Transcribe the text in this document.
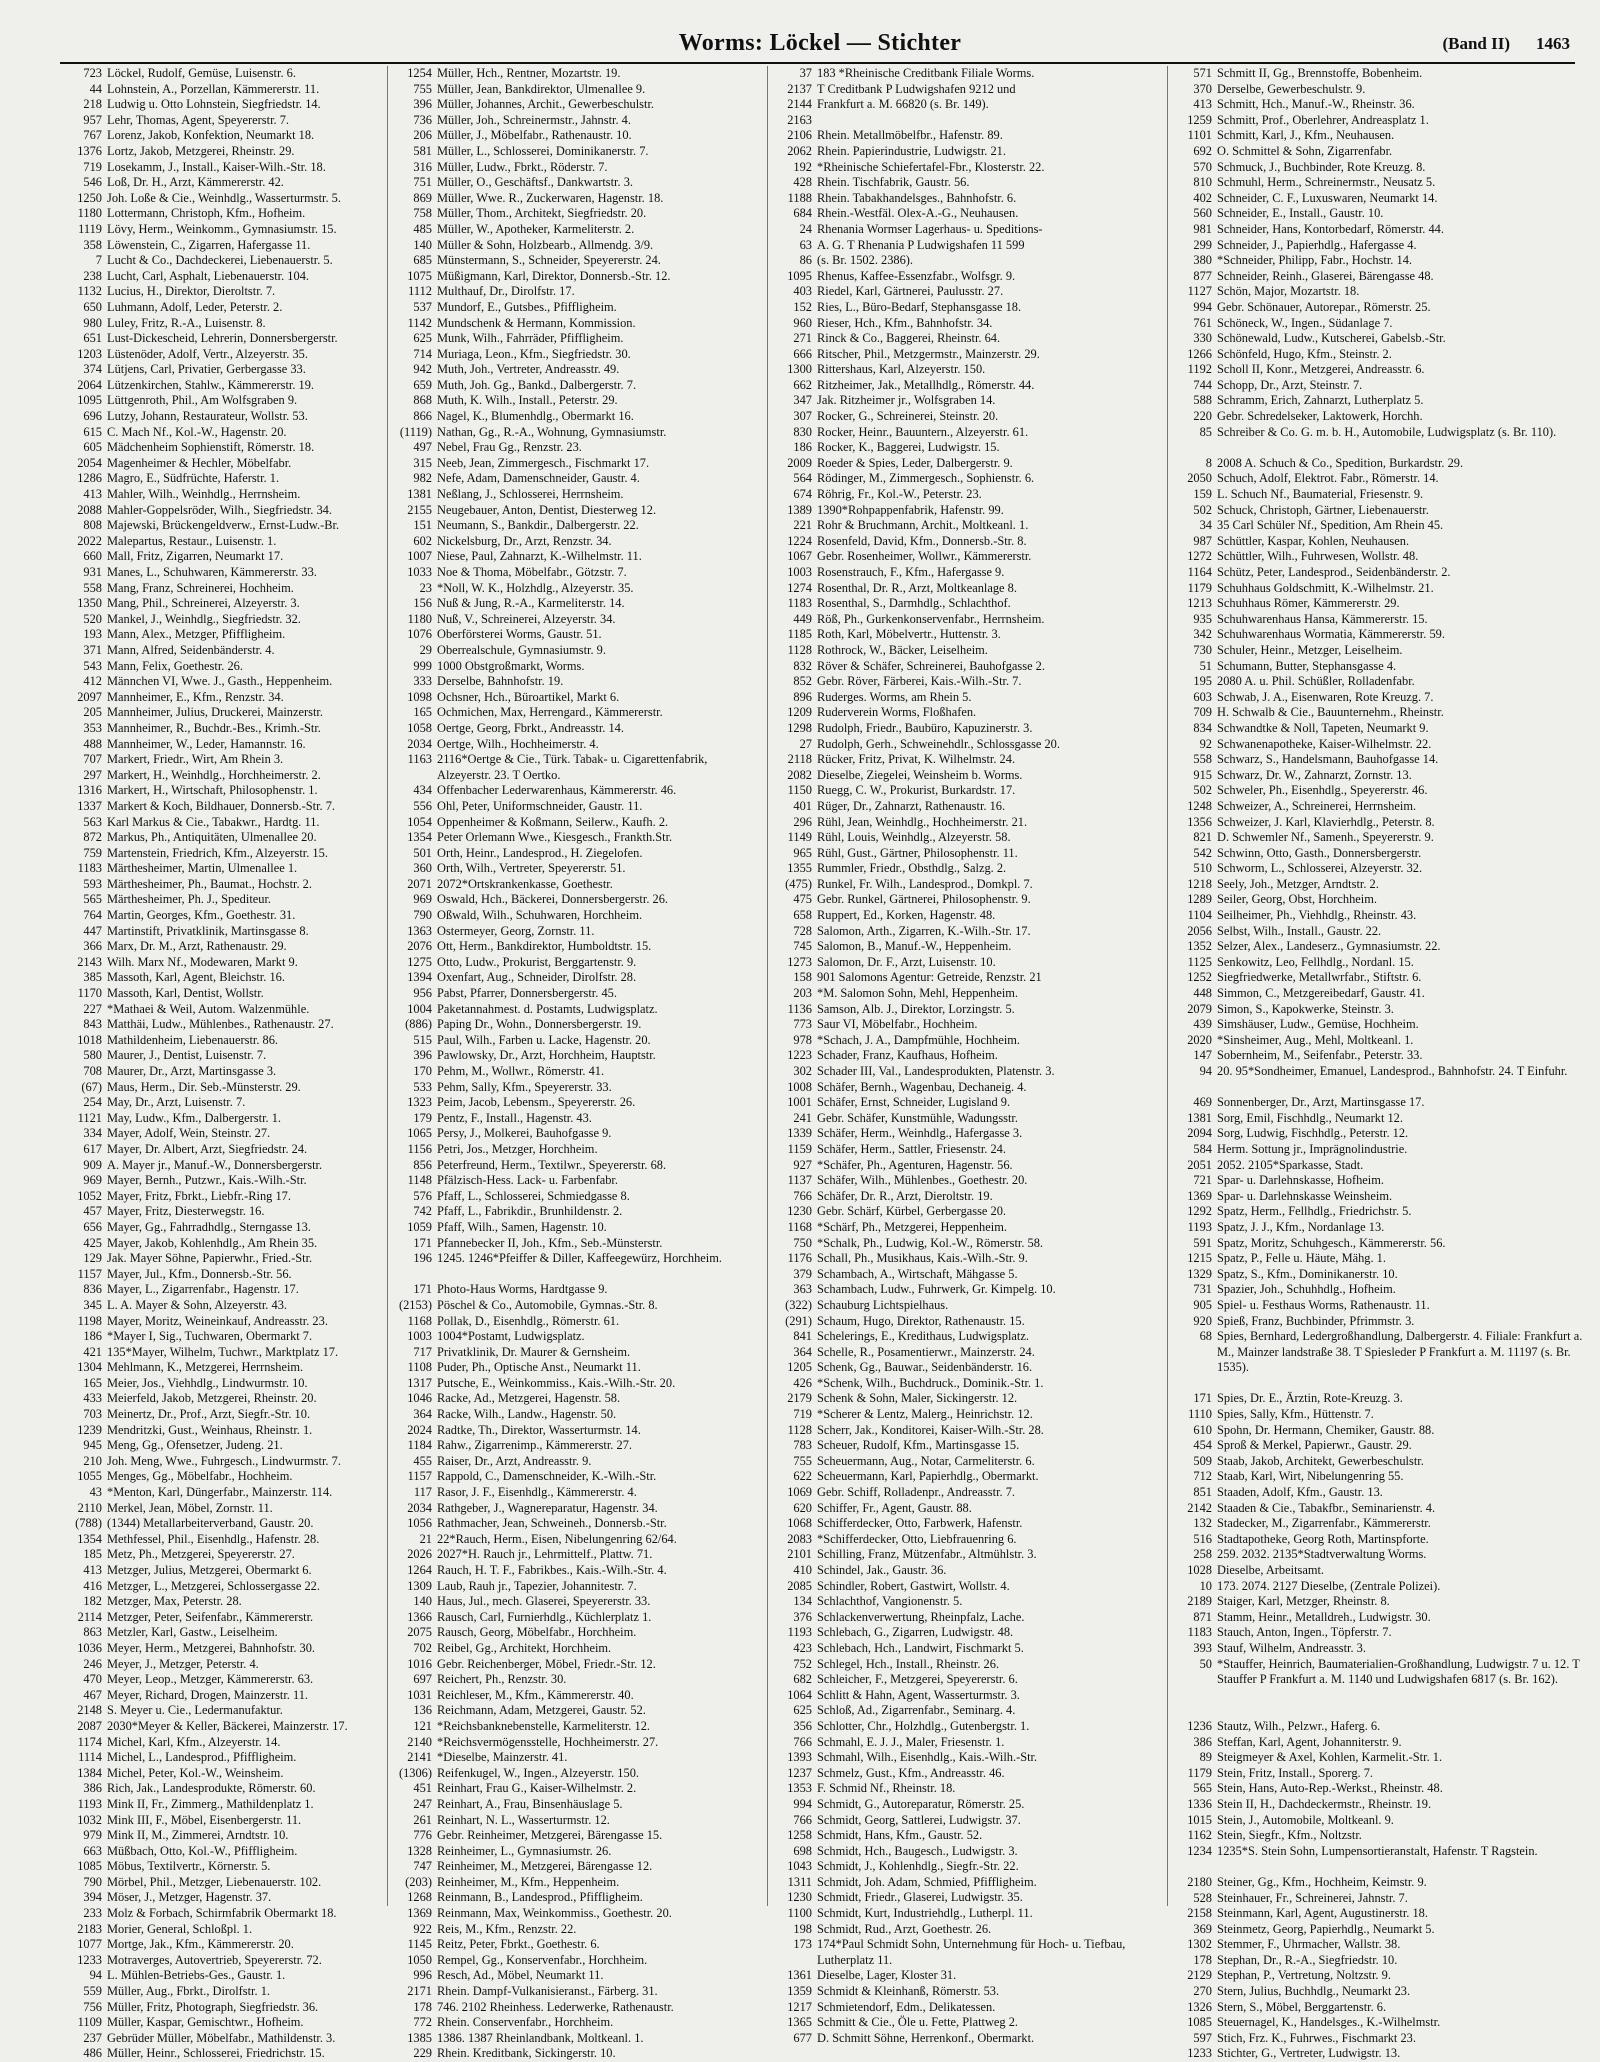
Worms: Löckel — Stichter	(Band II) 1463
723 Löckel, Rudolf, Gemüse, Luisenstr. 6.
44 Lohnstein, A., Porzellan, Kämmererstr. 11.
218 Ludwig u. Otto Lohnstein, Siegfriedstr. 14.
957 Lehr, Thomas, Agent, Speyererstr. 7.
767 Lorenz, Jakob, Konfektion, Neumarkt 18.
1376 Lortz, Jakob, Metzgerei, Rheinstr. 29.
719 Losekamm, J., Install., Kaiser-Wilh.-Str. 18.
546 Loß, Dr. H., Arzt, Kämmererstr. 42.
1250 Joh. Loße & Cie., Weinhdlg., Wasserturmstr. 5.
1180 Lottermann, Christoph, Kfm., Hofheim.
1119 Lövy, Herm., Weinkomm., Gymnasiumstr. 15.
358 Löwenstein, C., Zigarren, Hafergasse 11.
7 Lucht & Co., Dachdeckerei, Liebenauerstr. 5.
238 Lucht, Carl, Asphalt, Liebenauerstr. 104.
1132 Lucius, H., Direktor, Dieroltstr. 7.
650 Luhmann, Adolf, Leder, Peterstr. 2.
980 Luley, Fritz, R.-A., Luisenstr. 8.
651 Lust-Dickescheid, Lehrerin, Donnersbergerstr.
1203 Lüstenöder, Adolf, Vertr., Alzeyerstr. 35.
374 Lütjens, Carl, Privatier, Gerbergasse 33.
2064 Lützenkirchen, Stahlw., Kämmererstr. 19.
1095 Lüttgenroth, Phil., Am Wolfsgraben 9.
696 Lutzy, Johann, Restaurateur, Wollstr. 53.
615 C. Mach Nf., Kol.-W., Hagenstr. 20.
605 Mädchenheim Sophienstift, Römerstr. 18.
2054 Magenheimer & Hechler, Möbelfabr.
1286 Magro, E., Südfrüchte, Haferstr. 1.
413 Mahler, Wilh., Weinhdlg., Herrnsheim.
2088 Mahler-Goppelsröder, Wilh., Siegfriedstr. 34.
808 Majewski, Brückengeldverw., Ernst-Ludw.-Br.
2022 Malepartus, Restaur., Luisenstr. 1.
660 Mall, Fritz, Zigarren, Neumarkt 17.
931 Manes, L., Schuhwaren, Kämmererstr. 33.
558 Mang, Franz, Schreinerei, Hochheim.
1350 Mang, Phil., Schreinerei, Alzeyerstr. 3.
520 Mankel, J., Weinhdlg., Siegfriedstr. 32.
193 Mann, Alex., Metzger, Pfiffligheim.
371 Mann, Alfred, Seidenbänderstr. 4.
543 Mann, Felix, Goethestr. 26.
412 Männchen VI, Wwe. J., Gasth., Heppenheim.
2097 Mannheimer, E., Kfm., Renzstr. 34.
205 Mannheimer, Julius, Druckerei, Mainzerstr.
353 Mannheimer, R., Buchdr.-Bes., Krimh.-Str.
488 Mannheimer, W., Leder, Hamannstr. 16.
707 Markert, Friedr., Wirt, Am Rhein 3.
297 Markert, H., Weinhdlg., Horchheimerstr. 2.
1316 Markert, H., Wirtschaft, Philosophenstr. 1.
1337 Markert & Koch, Bildhauer, Donnersb.-Str. 7.
563 Karl Markus & Cie., Tabakwr., Hardtg. 11.
872 Markus, Ph., Antiquitäten, Ulmenallee 20.
759 Martenstein, Friedrich, Kfm., Alzeyerstr. 15.
1183 Märthesheimer, Martin, Ulmenallee 1.
593 Märthesheimer, Ph., Baumat., Hochstr. 2.
565 Märthesheimer, Ph. J., Spediteur.
764 Martin, Georges, Kfm., Goethestr. 31.
447 Martinstift, Privatklinik, Martinsgasse 8.
366 Marx, Dr. M., Arzt, Rathenaustr. 29.
2143 Wilh. Marx Nf., Modewaren, Markt 9.
385 Massoth, Karl, Agent, Bleichstr. 16.
1170 Massoth, Karl, Dentist, Wollstr.
227 *Mathaei & Weil, Autom. Walzenmühle.
843 Matthäi, Ludw., Mühlenbes., Rathenaustr. 27.
1018 Mathildenheim, Liebenauerstr. 86.
580 Maurer, J., Dentist, Luisenstr. 7.
708 Maurer, Dr., Arzt, Martinsgasse 3.
(67) Maus, Herm., Dir. Seb.-Münsterstr. 29.
254 May, Dr., Arzt, Luisenstr. 7.
1121 May, Ludw., Kfm., Dalbergerstr. 1.
334 Mayer, Adolf, Wein, Steinstr. 27.
617 Mayer, Dr. Albert, Arzt, Siegfriedstr. 24.
909 A. Mayer jr., Manuf.-W., Donnersbergerstr.
969 Mayer, Bernh., Putzwr., Kais.-Wilh.-Str.
1052 Mayer, Fritz, Fbrkt., Liebfr.-Ring 17.
457 Mayer, Fritz, Diesterwegstr. 16.
656 Mayer, Gg., Fahrradhdlg., Sterngasse 13.
425 Mayer, Jakob, Kohlenhdlg., Am Rhein 35.
129 Jak. Mayer Söhne, Papierwhr., Fried.-Str.
1157 Mayer, Jul., Kfm., Donnersb.-Str. 56.
836 Mayer, L., Zigarrenfabr., Hagenstr. 17.
345 L. A. Mayer & Sohn, Alzeyerstr. 43.
1198 Mayer, Moritz, Weineinkauf, Andreasstr. 23.
186 *Mayer I, Sig., Tuchwaren, Obermarkt 7.
421 135*Mayer, Wilhelm, Tuchwr., Marktplatz 17.
1304 Mehlmann, K., Metzgerei, Herrnsheim.
165 Meier, Jos., Viehhdlg., Lindwurmstr. 10.
433 Meierfeld, Jakob, Metzgerei, Rheinstr. 20.
703 Meinertz, Dr., Prof., Arzt, Siegfr.-Str. 10.
1239 Mendritzki, Gust., Weinhaus, Rheinstr. 1.
945 Meng, Gg., Ofensetzer, Judeng. 21.
210 Joh. Meng, Wwe., Fuhrgesch., Lindwurmstr. 7.
1055 Menges, Gg., Möbelfabr., Hochheim.
43 *Menton, Karl, Düngerfabr., Mainzerstr. 114.
2110 Merkel, Jean, Möbel, Zornstr. 11.
(788) (1344) Metallarbeiterverband, Gaustr. 20.
1354 Methfessel, Phil., Eisenhdlg., Hafenstr. 28.
185 Metz, Ph., Metzgerei, Speyererstr. 27.
413 Metzger, Julius, Metzgerei, Obermarkt 6.
416 Metzger, L., Metzgerei, Schlossergasse 22.
182 Metzger, Max, Peterstr. 28.
2114 Metzger, Peter, Seifenfabr., Kämmererstr.
863 Metzler, Karl, Gastw., Leiselheim.
1036 Meyer, Herm., Metzgerei, Bahnhofstr. 30.
246 Meyer, J., Metzger, Peterstr. 4.
470 Meyer, Leop., Metzger, Kämmererstr. 63.
467 Meyer, Richard, Drogen, Mainzerstr. 11.
2148 S. Meyer u. Cie., Ledermanufaktur.
2087 2030*Meyer & Keller, Bäckerei, Mainzerstr. 17.
1174 Michel, Karl, Kfm., Alzeyerstr. 14.
1114 Michel, L., Landesprod., Pfiffligheim.
1384 Michel, Peter, Kol.-W., Weinsheim.
386 Rich, Jak., Landesprodukte, Römerstr. 60.
1193 Mink II, Fr., Zimmerg., Mathildenplatz 1.
1032 Mink III, F., Möbel, Eisenbergerstr. 11.
979 Mink II, M., Zimmerei, Arndtstr. 10.
663 Müßbach, Otto, Kol.-W., Pfiffligheim.
1085 Möbus, Textilvertr., Körnerstr. 5.
790 Mörbel, Phil., Metzger, Liebenauerstr. 102.
394 Möser, J., Metzger, Hagenstr. 37.
233 Molz & Forbach, Schirmfabrik Obermarkt 18.
2183 Morier, General, Schloßpl. 1.
1077 Mortge, Jak., Kfm., Kämmererstr. 20.
1233 Motraverges, Autovertrieb, Speyererstr. 72.
94 L. Mühlen-Betriebs-Ges., Gaustr. 1.
559 Müller, Aug., Fbrkt., Dirolfstr. 1.
756 Müller, Fritz, Photograph, Siegfriedstr. 36.
1109 Müller, Kaspar, Gemischtwr., Hofheim.
237 Gebrüder Müller, Möbelfabr., Mathildenstr. 3.
486 Müller, Heinr., Schlosserei, Friedrichstr. 15.
1254 Müller, Hch., Rentner, Mozartstr. 19.
755 Müller, Jean, Bankdirektor, Ulmenallee 9.
396 Müller, Johannes, Archit., Gewerbeschulstr.
736 Müller, Joh., Schreinermstr., Jahnstr. 4.
206 Müller, J., Möbelfabr., Rathenaustr. 10.
581 Müller, L., Schlosserei, Dominikanerstr. 7.
316 Müller, Ludw., Fbrkt., Röderstr. 7.
751 Müller, O., Geschäftsf., Dankwartstr. 3.
869 Müller, Wwe. R., Zuckerwaren, Hagenstr. 18.
758 Müller, Thom., Architekt, Siegfriedstr. 20.
485 Müller, W., Apotheker, Karmeliterstr. 2.
140 Müller & Sohn, Holzbearb., Allmendg. 3/9.
685 Münstermann, S., Schneider, Speyererstr. 24.
1075 Müßigmann, Karl, Direktor, Donnersb.-Str. 12.
1112 Multhauf, Dr., Dirolfstr. 17.
537 Mundorf, E., Gutsbes., Pfiffligheim.
1142 Mundschenk & Hermann, Kommission.
625 Munk, Wilh., Fahrräder, Pfiffligheim.
714 Muriaga, Leon., Kfm., Siegfriedstr. 30.
942 Muth, Joh., Vertreter, Andreasstr. 49.
659 Muth, Joh. Gg., Bankd., Dalbergerstr. 7.
868 Muth, K. Wilh., Install., Peterstr. 29.
866 Nagel, K., Blumenhdlg., Obermarkt 16.
(1119) Nathan, Gg., R.-A., Wohnung, Gymnasiumstr.
497 Nebel, Frau Gg., Renzstr. 23.
315 Neeb, Jean, Zimmergesch., Fischmarkt 17.
982 Nefe, Adam, Damenschneider, Gaustr. 4.
1381 Neßlang, J., Schlosserei, Herrnsheim.
2155 Neugebauer, Anton, Dentist, Diesterweg 12.
151 Neumann, S., Bankdir., Dalbergerstr. 22.
602 Nickelsburg, Dr., Arzt, Renzstr. 34.
1007 Niese, Paul, Zahnarzt, K.-Wilhelmstr. 11.
1033 Noe & Thoma, Möbelfabr., Götzstr. 7.
23 *Noll, W. K., Holzhdlg., Alzeyerstr. 35.
156 Nuß & Jung, R.-A., Karmeliterstr. 14.
1180 Nuß, V., Schreinerei, Alzeyerstr. 34.
1076 Oberförsterei Worms, Gaustr. 51.
29 Oberrealschule, Gymnasiumstr. 9.
999 1000 Obstgroßmarkt, Worms.
333 Derselbe, Bahnhofstr. 19.
1098 Ochsner, Hch., Büroartikel, Markt 6.
165 Ochmichen, Max, Herrengard., Kämmererstr.
1058 Oertge, Georg, Fbrkt., Andreasstr. 14.
2034 Oertge, Wilh., Hochheimerstr. 4.
1163 2116*Oertge & Cie., Türk. Tabak- u. Cigarettenfabrik, Alzeyerstr. 23. T Oertko.
434 Offenbacher Lederwarenhaus, Kämmererstr. 46.
556 Ohl, Peter, Uniformschneider, Gaustr. 11.
1054 Oppenheimer & Koßmann, Seilerw., Kaufh. 2.
1354 Peter Orlemann Wwe., Kiesgesch., Frankth.Str.
501 Orth, Heinr., Landesprod., H. Ziegelofen.
360 Orth, Wilh., Vertreter, Speyererstr. 51.
2071 2072*Ortskrankenkasse, Goethestr.
969 Oswald, Hch., Bäckerei, Donnersbergerstr. 26.
790 Oßwald, Wilh., Schuhwaren, Horchheim.
1363 Ostermeyer, Georg, Zornstr. 11.
2076 Ott, Herm., Bankdirektor, Humboldtstr. 15.
1275 Otto, Ludw., Prokurist, Berggartenstr. 9.
1394 Oxenfart, Aug., Schneider, Dirolfstr. 28.
956 Pabst, Pfarrer, Donnersbergerstr. 45.
1004 Paketannahmest. d. Postamts, Ludwigsplatz.
(886) Paping Dr., Wohn., Donnersbergerstr. 19.
515 Paul, Wilh., Farben u. Lacke, Hagenstr. 20.
396 Pawlowsky, Dr., Arzt, Horchheim, Hauptstr.
170 Pehm, M., Wollwr., Römerstr. 41.
533 Pehm, Sally, Kfm., Speyererstr. 33.
1323 Peim, Jacob, Lebensm., Speyererstr. 26.
179 Pentz, F., Install., Hagenstr. 43.
1065 Persy, J., Molkerei, Bauhofgasse 9.
1156 Petri, Jos., Metzger, Horchheim.
856 Peterfreund, Herm., Textilwr., Speyererstr. 68.
1148 Pfälzisch-Hess. Lack- u. Farbenfabr.
576 Pfaff, L., Schlosserei, Schmiedgasse 8.
742 Pfaff, L., Fabrikdir., Brunhildenstr. 2.
1059 Pfaff, Wilh., Samen, Hagenstr. 10.
171 Pfannebecker II, Joh., Kfm., Seb.-Münsterstr.
196 1245. 1246*Pfeiffer & Diller, Kaffeegewürz, Horchheim.
171 Photo-Haus Worms, Hardtgasse 9.
(2153) Pöschel & Co., Automobile, Gymnas.-Str. 8.
1168 Pollak, D., Eisenhdlg., Römerstr. 61.
1003 1004*Postamt, Ludwigsplatz.
717 Privatklinik, Dr. Maurer & Gernsheim.
1108 Puder, Ph., Optische Anst., Neumarkt 11.
1317 Putsche, E., Weinkommiss., Kais.-Wilh.-Str. 20.
1046 Racke, Ad., Metzgerei, Hagenstr. 58.
364 Racke, Wilh., Landw., Hagenstr. 50.
2024 Radtke, Th., Direktor, Wasserturmstr. 14.
1184 Rahw., Zigarrenimp., Kämmererstr. 27.
455 Raiser, Dr., Arzt, Andreasstr. 9.
1157 Rappold, C., Damenschneider, K.-Wilh.-Str.
117 Rasor, J. F., Eisenhdlg., Kämmererstr. 4.
2034 Rathgeber, J., Wagnereparatur, Hagenstr. 34.
1056 Rathmacher, Jean, Schweineh., Donnersb.-Str.
21 22*Rauch, Herm., Eisen, Nibelungenring 62/64.
2026 2027*H. Rauch jr., Lehrmittelf., Plattw. 71.
1264 Rauch, H. T. F., Fabrikbes., Kais.-Wilh.-Str. 4.
1309 Laub, Rauh jr., Tapezier, Johannitestr. 7.
140 Haus, Jul., mech. Glaserei, Speyererstr. 33.
1366 Rausch, Carl, Furnierhdlg., Küchlerplatz 1.
2075 Rausch, Georg, Möbelfabr., Horchheim.
702 Reibel, Gg., Architekt, Horchheim.
1016 Gebr. Reichenberger, Möbel, Friedr.-Str. 12.
697 Reichert, Ph., Renzstr. 30.
1031 Reichleser, M., Kfm., Kämmererstr. 40.
136 Reichmann, Adam, Metzgerei, Gaustr. 52.
121 *Reichsbanknebenstelle, Karmeliterstr. 12.
2140 *Reichsvermögensstelle, Hochheimerstr. 27.
2141 *Dieselbe, Mainzerstr. 41.
(1306) Reifenkugel, W., Ingen., Alzeyerstr. 150.
451 Reinhart, Frau G., Kaiser-Wilhelmstr. 2.
247 Reinhart, A., Frau, Binsenhäuslage 5.
261 Reinhart, N. L., Wasserturmstr. 12.
776 Gebr. Reinheimer, Metzgerei, Bärengasse 15.
1328 Reinheimer, L., Gymnasiumstr. 26.
747 Reinheimer, M., Metzgerei, Bärengasse 12.
(203) Reinheimer, M., Kfm., Heppenheim.
1268 Reinmann, B., Landesprod., Pfiffligheim.
1369 Reinmann, Max, Weinkommiss., Goethestr. 20.
922 Reis, M., Kfm., Renzstr. 22.
1145 Reitz, Peter, Fbrkt., Goethestr. 6.
1050 Rempel, Gg., Konservenfabr., Horchheim.
996 Resch, Ad., Möbel, Neumarkt 11.
2171 Rhein. Dampf-Vulkanisieranst., Färberg. 31.
178 746. 2102 Rheinhess. Lederwerke, Rathenaustr.
772 Rhein. Conservenfabr., Horchheim.
1385 1386. 1387 Rheinlandbank, Moltkeanl. 1.
229 Rhein. Kreditbank, Sickingerstr. 10.
37 183 *Rheinische Creditbank Filiale Worms.
2137 T Creditbank P Ludwigshafen 9212 und
2144 Frankfurt a. M. 66820 (s. Br. 149).
2163
2106 Rhein. Metallmöbelfbr., Hafenstr. 89.
2062 Rhein. Papierindustrie, Ludwigstr. 21.
192 *Rheinische Schiefertafel-Fbr., Klosterstr. 22.
428 Rhein. Tischfabrik, Gaustr. 56.
1188 Rhein. Tabakhandelsges., Bahnhofstr. 6.
684 Rhein.-Westfäl. Olex-A.-G., Neuhausen.
24 Rhenania Wormser Lagerhaus- u. Speditions-
63 A. G. T Rhenania P Ludwigshafen 11 599
86 (s. Br. 1502. 2386).
1095 Rhenus, Kaffee-Essenzfabr., Wolfsgr. 9.
403 Riedel, Karl, Gärtnerei, Paulusstr. 27.
152 Ries, L., Büro-Bedarf, Stephansgasse 18.
960 Rieser, Hch., Kfm., Bahnhofstr. 34.
271 Rinck & Co., Baggerei, Rheinstr. 64.
666 Ritscher, Phil., Metzgermstr., Mainzerstr. 29.
1300 Rittershaus, Karl, Alzeyerstr. 150.
662 Ritzheimer, Jak., Metallhdlg., Römerstr. 44.
347 Jak. Ritzheimer jr., Wolfsgraben 14.
307 Rocker, G., Schreinerei, Steinstr. 20.
830 Rocker, Heinr., Bauuntern., Alzeyerstr. 61.
186 Rocker, K., Baggerei, Ludwigstr. 15.
2009 Roeder & Spies, Leder, Dalbergerstr. 9.
564 Rödinger, M., Zimmergesch., Sophienstr. 6.
674 Röhrig, Fr., Kol.-W., Peterstr. 23.
1389 1390*Rohpappenfabrik, Hafenstr. 99.
221 Rohr & Bruchmann, Archit., Moltkeanl. 1.
1224 Rosenfeld, David, Kfm., Donnersb.-Str. 8.
1067 Gebr. Rosenheimer, Wollwr., Kämmererstr.
1003 Rosenstrauch, F., Kfm., Hafergasse 9.
1274 Rosenthal, Dr. R., Arzt, Moltkeanlage 8.
1183 Rosenthal, S., Darmhdlg., Schlachthof.
449 Röß, Ph., Gurkenkonservenfabr., Herrnsheim.
1185 Roth, Karl, Möbelvertr., Huttenstr. 3.
1128 Rothrock, W., Bäcker, Leiselheim.
832 Röver & Schäfer, Schreinerei, Bauhofgasse 2.
852 Gebr. Röver, Färberei, Kais.-Wilh.-Str. 7.
896 Ruderges. Worms, am Rhein 5.
1209 Ruderverein Worms, Floßhafen.
1298 Rudolph, Friedr., Baubüro, Kapuzinerstr. 3.
27 Rudolph, Gerh., Schweinehdlr., Schlossgasse 20.
2118 Rücker, Fritz, Privat, K. Wilhelmstr. 24.
2082 Dieselbe, Ziegelei, Weinsheim b. Worms.
1150 Ruegg, C. W., Prokurist, Burkardstr. 17.
401 Rüger, Dr., Zahnarzt, Rathenaustr. 16.
296 Rühl, Jean, Weinhdlg., Hochheimerstr. 21.
1149 Rühl, Louis, Weinhdlg., Alzeyerstr. 58.
965 Rühl, Gust., Gärtner, Philosophenstr. 11.
1355 Rummler, Friedr., Obsthdlg., Salzg. 2.
(475) Runkel, Fr. Wilh., Landesprod., Domkpl. 7.
475 Gebr. Runkel, Gärtnerei, Philosophenstr. 9.
658 Ruppert, Ed., Korken, Hagenstr. 48.
728 Salomon, Arth., Zigarren, K.-Wilh.-Str. 17.
745 Salomon, B., Manuf.-W., Heppenheim.
1273 Salomon, Dr. F., Arzt, Luisenstr. 10.
158 901 Salomons Agentur: Getreide, Renzstr. 21
203 *M. Salomon Sohn, Mehl, Heppenheim.
1136 Samson, Alb. J., Direktor, Lorzingstr. 5.
773 Saur VI, Möbelfabr., Hochheim.
978 *Schach, J. A., Dampfmühle, Hochheim.
1223 Schader, Franz, Kaufhaus, Hofheim.
302 Schader III, Val., Landesprodukten, Platenstr. 3.
1008 Schäfer, Bernh., Wagenbau, Dechaneig. 4.
1001 Schäfer, Ernst, Schneider, Lugisland 9.
241 Gebr. Schäfer, Kunstmühle, Wadungsstr.
1339 Schäfer, Herm., Weinhdlg., Hafergasse 3.
1159 Schäfer, Herm., Sattler, Friesenstr. 24.
927 *Schäfer, Ph., Agenturen, Hagenstr. 56.
1137 Schäfer, Wilh., Mühlenbes., Goethestr. 20.
766 Schäfer, Dr. R., Arzt, Dieroltstr. 19.
1230 Gebr. Schärf, Kürbel, Gerbergasse 20.
1168 *Schärf, Ph., Metzgerei, Heppenheim.
750 *Schalk, Ph., Ludwig, Kol.-W., Römerstr. 58.
1176 Schall, Ph., Musikhaus, Kais.-Wilh.-Str. 9.
379 Schambach, A., Wirtschaft, Mähgasse 5.
363 Schambach, Ludw., Fuhrwerk, Gr. Kimpelg. 10.
(322) Schauburg Lichtspielhaus.
(291) Schaum, Hugo, Direktor, Rathenaustr. 15.
841 Schelerings, E., Kredithaus, Ludwigsplatz.
364 Schelle, R., Posamentierwr., Mainzerstr. 24.
1205 Schenk, Gg., Bauwar., Seidenbänderstr. 16.
426 *Schenk, Wilh., Buchdruck., Dominik.-Str. 1.
2179 Schenk & Sohn, Maler, Sickingerstr. 12.
719 *Scherer & Lentz, Malerg., Heinrichstr. 12.
1128 Scherr, Jak., Konditorei, Kaiser-Wilh.-Str. 28.
783 Scheuer, Rudolf, Kfm., Martinsgasse 15.
755 Scheuermann, Aug., Notar, Carmeliterstr. 6.
622 Scheuermann, Karl, Papierhdlg., Obermarkt.
1069 Gebr. Schiff, Rolladenpr., Andreasstr. 7.
620 Schiffer, Fr., Agent, Gaustr. 88.
1068 Schifferdecker, Otto, Farbwerk, Hafenstr.
2083 *Schifferdecker, Otto, Liebfrauenring 6.
2101 Schilling, Franz, Mützenfabr., Altmühlstr. 3.
410 Schindel, Jak., Gaustr. 36.
2085 Schindler, Robert, Gastwirt, Wollstr. 4.
134 Schlachthof, Vangionenstr. 5.
376 Schlackenverwertung, Rheinpfalz, Lache.
1193 Schlebach, G., Zigarren, Ludwigstr. 48.
423 Schlebach, Hch., Landwirt, Fischmarkt 5.
752 Schlegel, Hch., Install., Rheinstr. 26.
682 Schleicher, F., Metzgerei, Speyererstr. 6.
1064 Schlitt & Hahn, Agent, Wasserturmstr. 3.
625 Schloß, Ad., Zigarrenfabr., Seminarg. 4.
356 Schlotter, Chr., Holzhdlg., Gutenbergstr. 1.
766 Schmahl, E. J. J., Maler, Friesenstr. 1.
1393 Schmahl, Wilh., Eisenhdlg., Kais.-Wilh.-Str.
1237 Schmelz, Gust., Kfm., Andreasstr. 46.
1353 F. Schmid Nf., Rheinstr. 18.
994 Schmidt, G., Autoreparatur, Römerstr. 25.
766 Schmidt, Georg, Sattlerei, Ludwigstr. 37.
1258 Schmidt, Hans, Kfm., Gaustr. 52.
698 Schmidt, Hch., Baugesch., Ludwigstr. 3.
1043 Schmidt, J., Kohlenhdlg., Siegfr.-Str. 22.
1311 Schmidt, Joh. Adam, Schmied, Pfiffligheim.
1230 Schmidt, Friedr., Glaserei, Ludwigstr. 35.
1100 Schmidt, Kurt, Industriehdlg., Lutherpl. 11.
198 Schmidt, Rud., Arzt, Goethestr. 26.
173 174*Paul Schmidt Sohn, Unternehmung für Hoch- u. Tiefbau, Lutherplatz 11.
1361 Dieselbe, Lager, Kloster 31.
1359 Schmidt & Kleinhanß, Römerstr. 53.
1217 Schmietendorf, Edm., Delikatessen.
1365 Schmitt & Cie., Öle u. Fette, Plattweg 2.
677 D. Schmitt Söhne, Herrenkonf., Obermarkt.
571 Schmitt II, Gg., Brennstoffe, Bobenheim.
370 Derselbe, Gewerbeschulstr. 9.
413 Schmitt, Hch., Manuf.-W., Rheinstr. 36.
1259 Schmitt, Prof., Oberlehrer, Andreasplatz 1.
1101 Schmitt, Karl, J., Kfm., Neuhausen.
692 O. Schmittel & Sohn, Zigarrenfabr.
570 Schmuck, J., Buchbinder, Rote Kreuzg. 8.
810 Schmuhl, Herm., Schreinermstr., Neusatz 5.
402 Schneider, C. F., Luxuswaren, Neumarkt 14.
560 Schneider, E., Install., Gaustr. 10.
981 Schneider, Hans, Kontorbedarf, Römerstr. 44.
299 Schneider, J., Papierhdlg., Hafergasse 4.
380 *Schneider, Philipp, Fabr., Hochstr. 14.
877 Schneider, Reinh., Glaserei, Bärengasse 48.
1127 Schön, Major, Mozartstr. 18.
994 Gebr. Schönauer, Autorepar., Römerstr. 25.
761 Schöneck, W., Ingen., Südanlage 7.
330 Schönewald, Ludw., Kutscherei, Gabelsb.-Str.
1266 Schönfeld, Hugo, Kfm., Steinstr. 2.
1192 Scholl II, Konr., Metzgerei, Andreasstr. 6.
744 Schopp, Dr., Arzt, Steinstr. 7.
588 Schramm, Erich, Zahnarzt, Lutherplatz 5.
220 Gebr. Schredelseker, Laktowerk, Horchh.
85 Schreiber & Co. G. m. b. H., Automobile, Ludwigsplatz (s. Br. 110).
8 2008 A. Schuch & Co., Spedition, Burkardstr. 29.
2050 Schuch, Adolf, Elektrot. Fabr., Römerstr. 14.
159 L. Schuch Nf., Baumaterial, Friesenstr. 9.
502 Schuck, Christoph, Gärtner, Liebenauerstr.
34 35 Carl Schüler Nf., Spedition, Am Rhein 45.
987 Schüttler, Kaspar, Kohlen, Neuhausen.
1272 Schüttler, Wilh., Fuhrwesen, Wollstr. 48.
1164 Schütz, Peter, Landesprod., Seidenbänderstr. 2.
1179 Schuhhaus Goldschmitt, K.-Wilhelmstr. 21.
1213 Schuhhaus Römer, Kämmererstr. 29.
935 Schuhwarenhaus Hansa, Kämmererstr. 15.
342 Schuhwarenhaus Wormatia, Kämmererstr. 59.
730 Schuler, Heinr., Metzger, Leiselheim.
51 Schumann, Butter, Stephansgasse 4.
195 2080 A. u. Phil. Schüßler, Rolladenfabr.
603 Schwab, J. A., Eisenwaren, Rote Kreuzg. 7.
709 H. Schwalb & Cie., Bauunternehm., Rheinstr.
834 Schwandtke & Noll, Tapeten, Neumarkt 9.
92 Schwanenapotheke, Kaiser-Wilhelmstr. 22.
558 Schwarz, S., Handelsmann, Bauhofgasse 14.
915 Schwarz, Dr. W., Zahnarzt, Zornstr. 13.
502 Schweler, Ph., Eisenhdlg., Speyererstr. 46.
1248 Schweizer, A., Schreinerei, Herrnsheim.
1356 Schweizer, J. Karl, Klavierhdlg., Peterstr. 8.
821 D. Schwemler Nf., Samenh., Speyererstr. 9.
542 Schwinn, Otto, Gasth., Donnersbergerstr.
510 Schworm, L., Schlosserei, Alzeyerstr. 32.
1218 Seely, Joh., Metzger, Arndtstr. 2.
1289 Seiler, Georg, Obst, Horchheim.
1104 Seilheimer, Ph., Viehhdlg., Rheinstr. 43.
2056 Selbst, Wilh., Install., Gaustr. 22.
1352 Selzer, Alex., Landeserz., Gymnasiumstr. 22.
1125 Senkowitz, Leo, Fellhdlg., Nordanl. 15.
1252 Siegfriedwerke, Metallwrfabr., Stiftstr. 6.
448 Simmon, C., Metzgereibedarf, Gaustr. 41.
2079 Simon, S., Kapokwerke, Steinstr. 3.
439 Simshäuser, Ludw., Gemüse, Hochheim.
2020 *Sinsheimer, Aug., Mehl, Moltkeanl. 1.
147 Sobernheim, M., Seifenfabr., Peterstr. 33.
94 20. 95*Sondheimer, Emanuel, Landesprod., Bahnhofstr. 24. T Einfuhr.
469 Sonnenberger, Dr., Arzt, Martinsgasse 17.
1381 Sorg, Emil, Fischhdlg., Neumarkt 12.
2094 Sorg, Ludwig, Fischhdlg., Peterstr. 12.
584 Herm. Sottung jr., Imprägnolindustrie.
2051 2052. 2105*Sparkasse, Stadt.
721 Spar- u. Darlehnskasse, Hofheim.
1369 Spar- u. Darlehnskasse Weinsheim.
1292 Spatz, Herm., Fellhdlg., Friedrichstr. 5.
1193 Spatz, J. J., Kfm., Nordanlage 13.
591 Spatz, Moritz, Schuhgesch., Kämmererstr. 56.
1215 Spatz, P., Felle u. Häute, Mähg. 1.
1329 Spatz, S., Kfm., Dominikanerstr. 10.
731 Spazier, Joh., Schuhhdlg., Hofheim.
905 Spiel- u. Festhaus Worms, Rathenaustr. 11.
920 Spieß, Franz, Buchbinder, Pfrimmstr. 3.
68 Spies, Bernhard, Ledergroßhandlung, Dalbergerstr. 4. Filiale: Frankfurt a. M., Mainzer landstraße 38. T Spiesleder P Frankfurt a. M. 11197 (s. Br. 1535).
171 Spies, Dr. E., Ärztin, Rote-Kreuzg. 3.
1110 Spies, Sally, Kfm., Hüttenstr. 7.
610 Spohn, Dr. Hermann, Chemiker, Gaustr. 88.
454 Sproß & Merkel, Papierwr., Gaustr. 29.
509 Staab, Jakob, Architekt, Gewerbeschulstr.
712 Staab, Karl, Wirt, Nibelungenring 55.
851 Staaden, Adolf, Kfm., Gaustr. 13.
2142 Staaden & Cie., Tabakfbr., Seminarienstr. 4.
132 Stadecker, M., Zigarrenfabr., Kämmererstr.
516 Stadtapotheke, Georg Roth, Martinspforte.
258 259. 2032. 2135*Stadtverwaltung Worms.
1028 Dieselbe, Arbeitsamt.
10 173. 2074. 2127 Dieselbe, (Zentrale Polizei).
2189 Staiger, Karl, Metzger, Rheinstr. 8.
871 Stamm, Heinr., Metalldreh., Ludwigstr. 30.
1183 Stauch, Anton, Ingen., Töpferstr. 7.
393 Stauf, Wilhelm, Andreasstr. 3.
50 *Stauffer, Heinrich, Baumaterialien-Großhandlung, Ludwigstr. 7 u. 12. T Stauffer P Frankfurt a. M. 1140 und Ludwigshafen 6817 (s. Br. 162).
1236 Stautz, Wilh., Pelzwr., Haferg. 6.
386 Steffan, Karl, Agent, Johanniterstr. 9.
89 Steigmeyer & Axel, Kohlen, Karmelit.-Str. 1.
1179 Stein, Fritz, Install., Sporerg. 7.
565 Stein, Hans, Auto-Rep.-Werkst., Rheinstr. 48.
1336 Stein II, H., Dachdeckermstr., Rheinstr. 19.
1015 Stein, J., Automobile, Moltkeanl. 9.
1162 Stein, Siegfr., Kfm., Noltzstr.
1234 1235*S. Stein Sohn, Lumpensortieranstalt, Hafenstr. T Ragstein.
2180 Steiner, Gg., Kfm., Hochheim, Keimstr. 9.
528 Steinhauer, Fr., Schreinerei, Jahnstr. 7.
2158 Steinmann, Karl, Agent, Augustinerstr. 18.
369 Steinmetz, Georg, Papierhdlg., Neumarkt 5.
1302 Stemmer, F., Uhrmacher, Wallstr. 38.
178 Stephan, Dr., R.-A., Siegfriedstr. 10.
2129 Stephan, P., Vertretung, Noltzstr. 9.
270 Stern, Julius, Buchhdlg., Neumarkt 23.
1326 Stern, S., Möbel, Berggartenstr. 6.
1085 Steuernagel, K., Handelsges., K.-Wilhelmstr.
597 Stich, Frz. K., Fuhrwes., Fischmarkt 23.
1233 Stichter, G., Vertreter, Ludwigstr. 13.
